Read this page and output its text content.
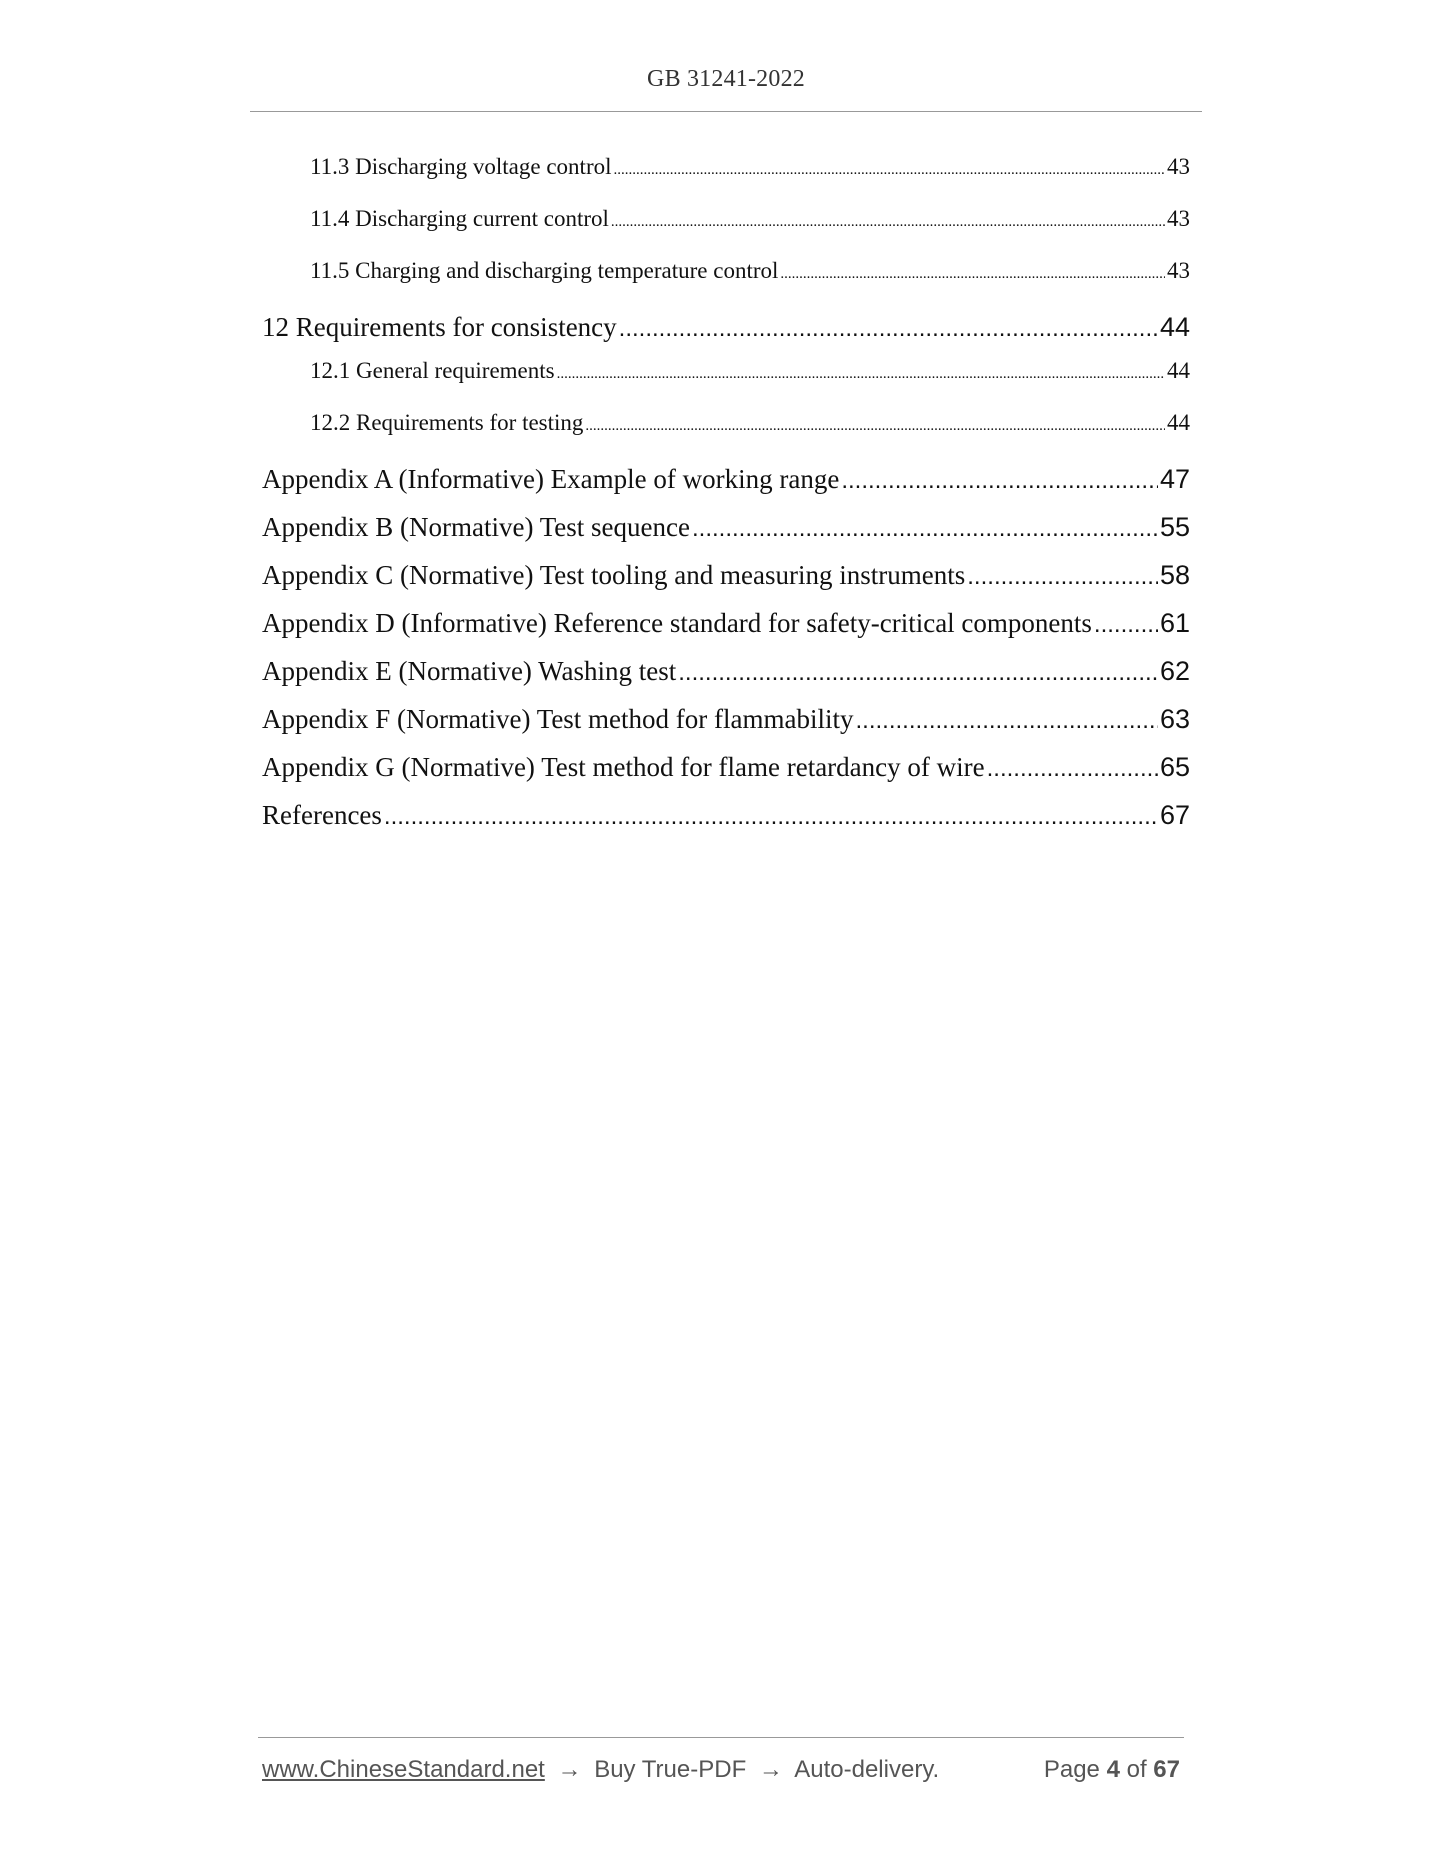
GB 31241-2022
11.3 Discharging voltage control .....	43
11.4 Discharging current control .....	43
11.5 Charging and discharging temperature control .....	43
12 Requirements for consistency .....	44
12.1 General requirements .....	44
12.2 Requirements for testing .....	44
Appendix A (Informative) Example of working range .....	47
Appendix B (Normative) Test sequence .....	55
Appendix C (Normative) Test tooling and measuring instruments .....	58
Appendix D (Informative) Reference standard for safety-critical components .....	61
Appendix E (Normative) Washing test .....	62
Appendix F (Normative) Test method for flammability .....	63
Appendix G (Normative) Test method for flame retardancy of wire .....	65
References .....	67
www.ChineseStandard.net → Buy True-PDF → Auto-delivery.	Page 4 of 67
